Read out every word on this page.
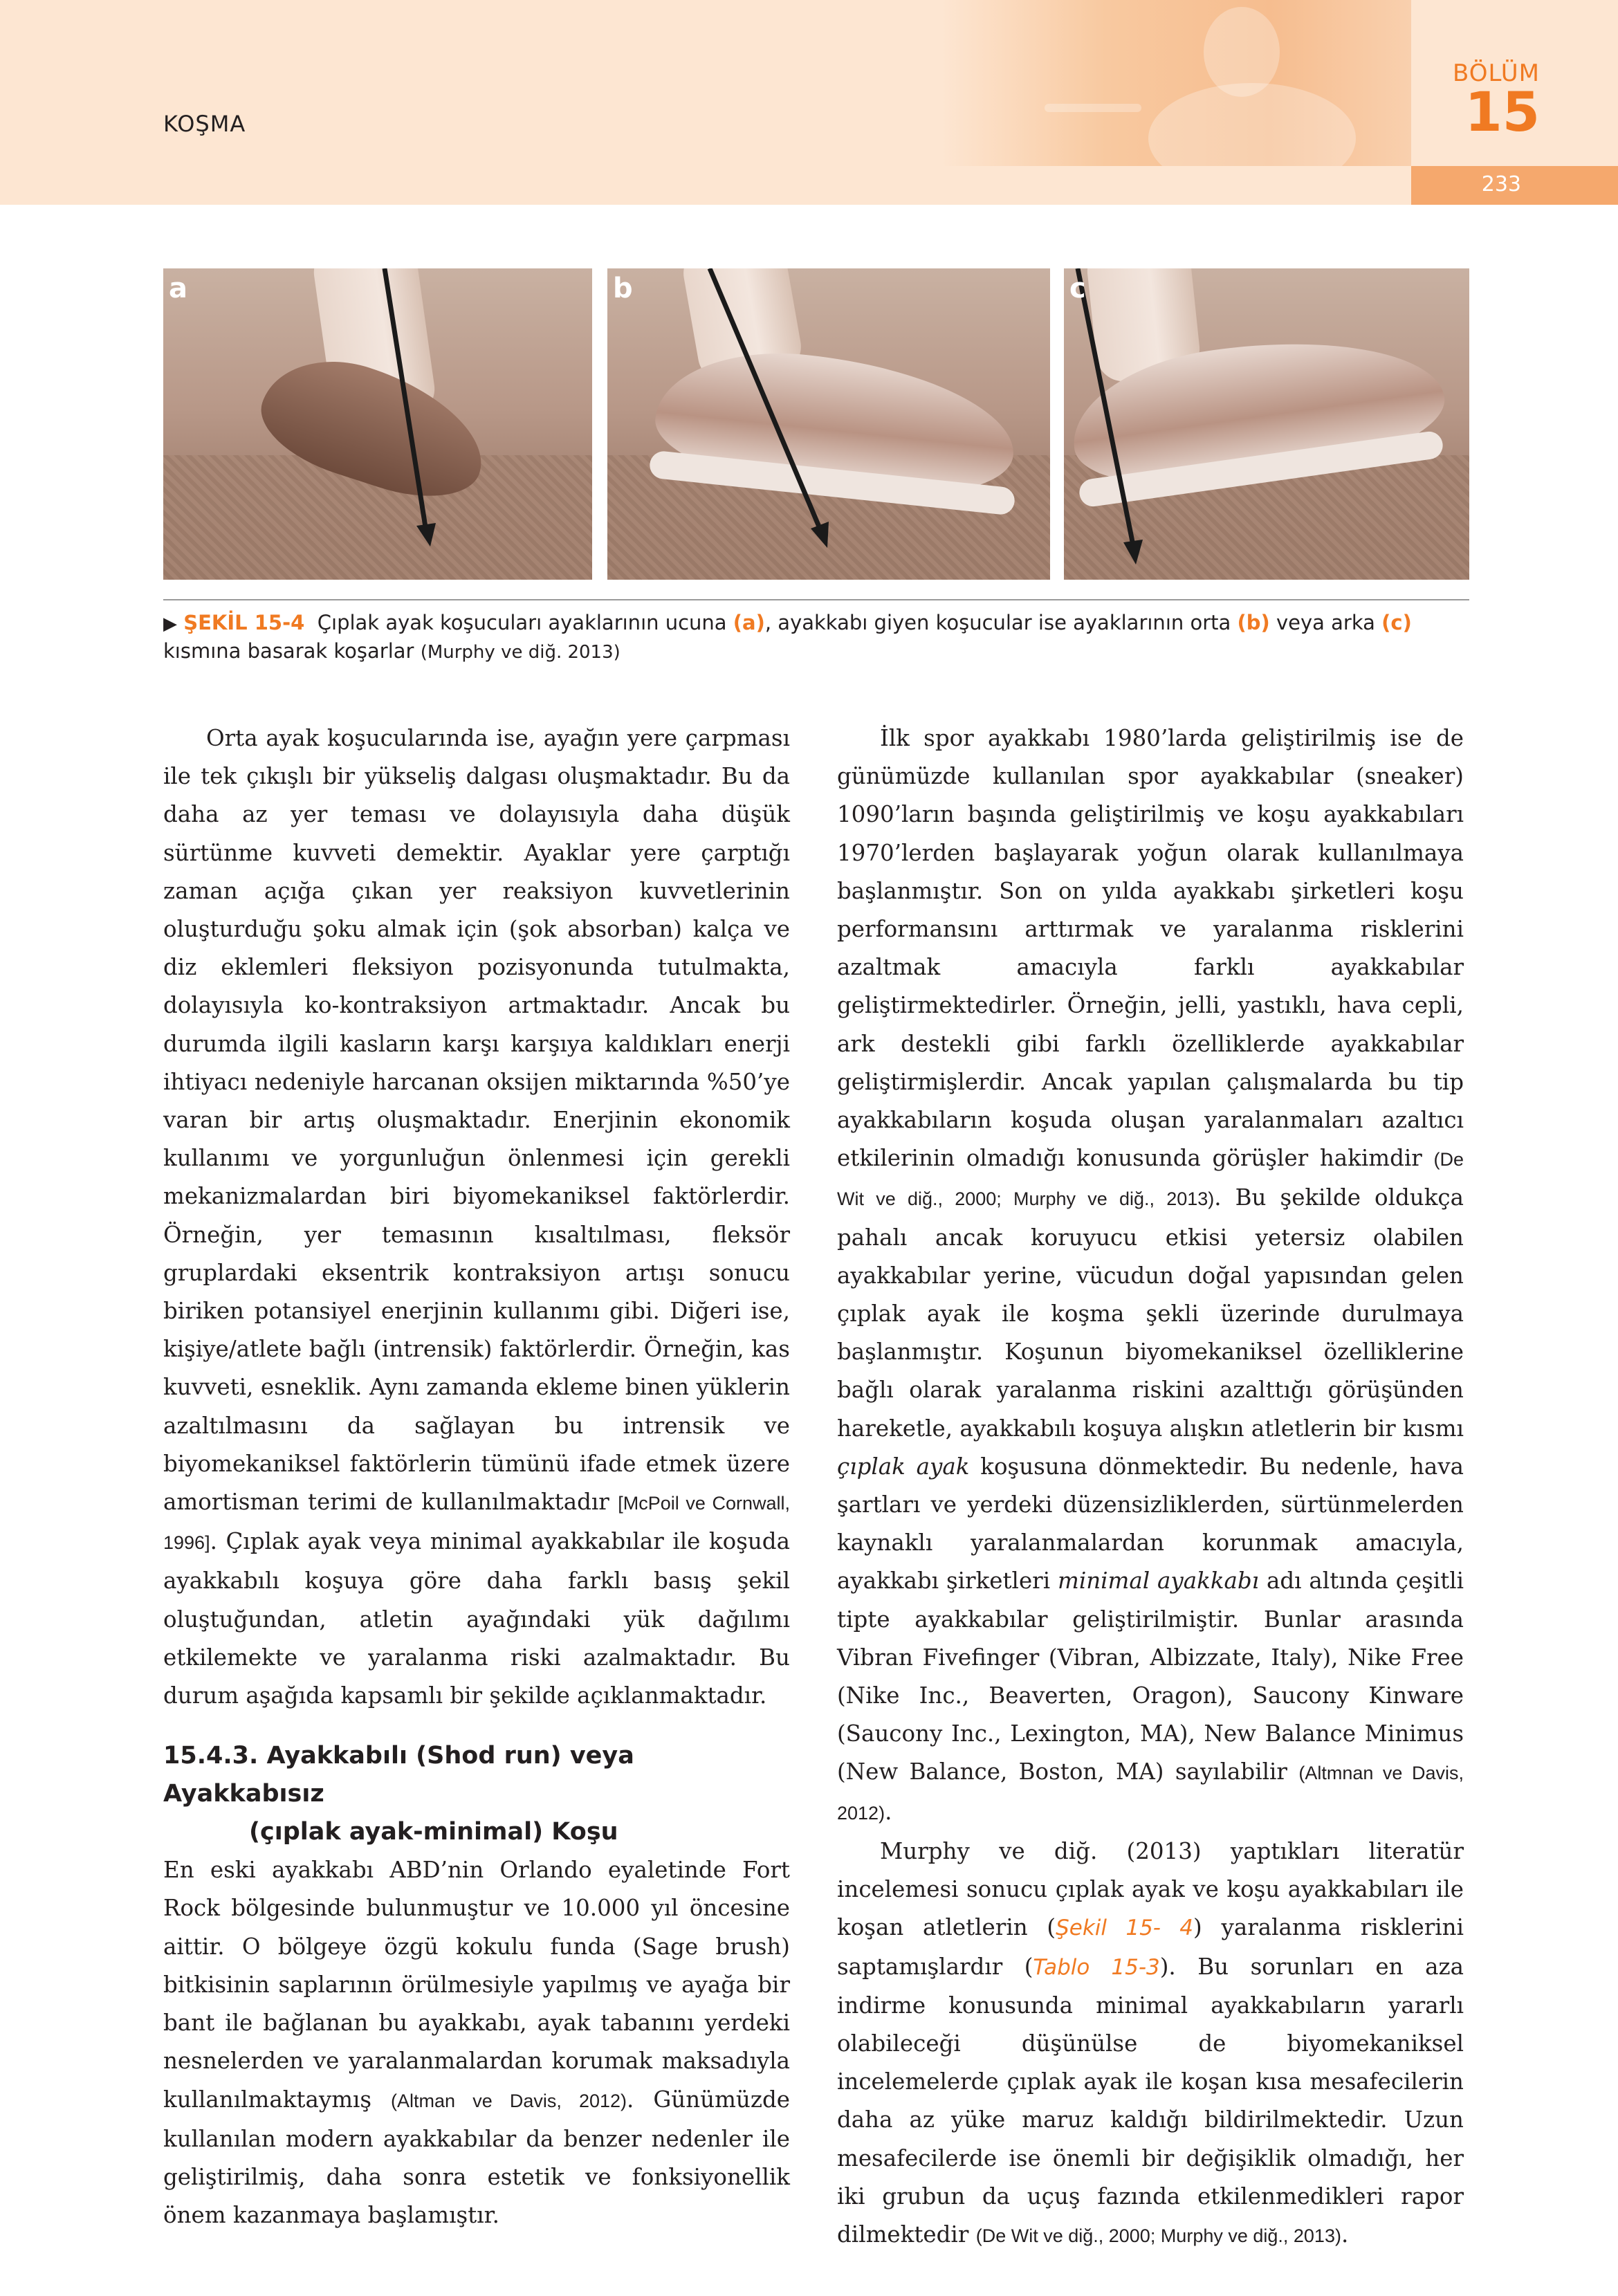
KOŞMA
BÖLÜM
15
233
a	b	c
▶ ŞEKİL 15-4 Çıplak ayak koşucuları ayaklarının ucuna (a), ayakkabı giyen koşucular ise ayaklarının orta (b) veya arka (c) kısmına basarak koşarlar (Murphy ve diğ. 2013)

Orta ayak koşucularında ise, ayağın yere çarpması ile tek çıkışlı bir yükseliş dalgası oluşmaktadır. Bu da daha az yer teması ve dolayısıyla daha düşük sürtünme kuvveti demektir. Ayaklar yere çarptığı zaman açığa çıkan yer reaksiyon kuvvetlerinin oluşturduğu şoku almak için (şok absorban) kalça ve diz eklemleri fleksiyon pozisyonunda tutulmakta, dolayısıyla ko-kontraksiyon artmaktadır. Ancak bu durumda ilgili kasların karşı karşıya kaldıkları enerji ihtiyacı nedeniyle harcanan oksijen miktarında %50’ye varan bir artış oluşmaktadır. Enerjinin ekonomik kullanımı ve yorgunluğun önlenmesi için gerekli mekanizmalardan biri biyomekaniksel faktörlerdir. Örneğin, yer temasının kısaltılması, fleksör gruplardaki eksentrik kontraksiyon artışı sonucu biriken potansiyel enerjinin kullanımı gibi. Diğeri ise, kişiye/atlete bağlı (intrensik) faktörlerdir. Örneğin, kas kuvveti, esneklik. Aynı zamanda ekleme binen yüklerin azaltılmasını da sağlayan bu intrensik ve biyomekaniksel faktörlerin tümünü ifade etmek üzere amortisman terimi de kullanılmaktadır [McPoil ve Cornwall, 1996]. Çıplak ayak veya minimal ayakkabılar ile koşuda ayakkabılı koşuya göre daha farklı basış şekil oluştuğundan, atletin ayağındaki yük dağılımı etkilemekte ve yaralanma riski azalmaktadır. Bu durum aşağıda kapsamlı bir şekilde açıklanmaktadır.

15.4.3. Ayakkabılı (Shod run) veya Ayakkabısız
(çıplak ayak-minimal) Koşu

En eski ayakkabı ABD’nin Orlando eyaletinde Fort Rock bölgesinde bulunmuştur ve 10.000 yıl öncesine aittir. O bölgeye özgü kokulu funda (Sage brush) bitkisinin saplarının örülmesiyle yapılmış ve ayağa bir bant ile bağlanan bu ayakkabı, ayak tabanını yerdeki nesnelerden ve yaralanmalardan korumak maksadıyla kullanılmaktaymış (Altman ve Davis, 2012). Günümüzde kullanılan modern ayakkabılar da benzer nedenler ile geliştirilmiş, daha sonra estetik ve fonksiyonellik önem kazanmaya başlamıştır.

İlk spor ayakkabı 1980’larda geliştirilmiş ise de günümüzde kullanılan spor ayakkabılar (sneaker) 1090’ların başında geliştirilmiş ve koşu ayakkabıları 1970’lerden başlayarak yoğun olarak kullanılmaya başlanmıştır. Son on yılda ayakkabı şirketleri koşu performansını arttırmak ve yaralanma risklerini azaltmak amacıyla farklı ayakkabılar geliştirmektedirler. Örneğin, jelli, yastıklı, hava cepli, ark destekli gibi farklı özelliklerde ayakkabılar geliştirmişlerdir. Ancak yapılan çalışmalarda bu tip ayakkabıların koşuda oluşan yaralanmaları azaltıcı etkilerinin olmadığı konusunda görüşler hakimdir (De Wit ve diğ., 2000; Murphy ve diğ., 2013). Bu şekilde oldukça pahalı ancak koruyucu etkisi yetersiz olabilen ayakkabılar yerine, vücudun doğal yapısından gelen çıplak ayak ile koşma şekli üzerinde durulmaya başlanmıştır. Koşunun biyomekaniksel özelliklerine bağlı olarak yaralanma riskini azalttığı görüşünden hareketle, ayakkabılı koşuya alışkın atletlerin bir kısmı çıplak ayak koşusuna dönmektedir. Bu nedenle, hava şartları ve yerdeki düzensizliklerden, sürtünmelerden kaynaklı yaralanmalardan korunmak amacıyla, ayakkabı şirketleri minimal ayakkabı adı altında çeşitli tipte ayakkabılar geliştirilmiştir. Bunlar arasında Vibran Fivefinger (Vibran, Albizzate, Italy), Nike Free (Nike Inc., Beaverten, Oragon), Saucony Kinware (Saucony Inc., Lexington, MA), New Balance Minimus (New Balance, Boston, MA) sayılabilir (Altmnan ve Davis, 2012).

Murphy ve diğ. (2013) yaptıkları literatür incelemesi sonucu çıplak ayak ve koşu ayakkabıları ile koşan atletlerin (Şekil 15- 4) yaralanma risklerini saptamışlardır (Tablo 15-3). Bu sorunları en aza indirme konusunda minimal ayakkabıların yararlı olabileceği düşünülse de biyomekaniksel incelemelerde çıplak ayak ile koşan kısa mesafecilerin daha az yüke maruz kaldığı bildirilmektedir. Uzun mesafecilerde ise önemli bir değişiklik olmadığı, her iki grubun da uçuş fazında etkilenmedikleri rapor dilmektedir (De Wit ve diğ., 2000; Murphy ve diğ., 2013).
